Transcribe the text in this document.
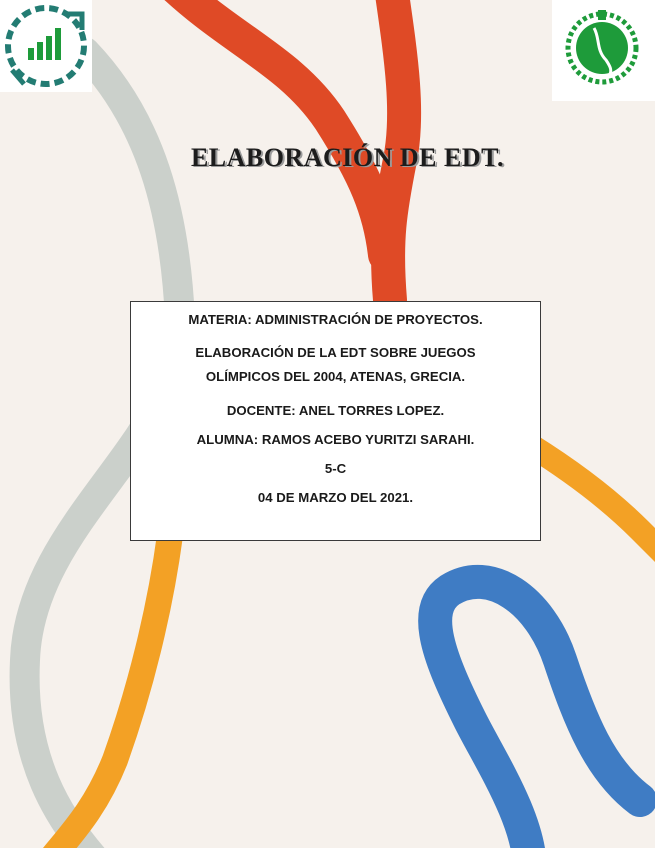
ELABORACIÓN DE EDT.

MATERIA: ADMINISTRACIÓN DE PROYECTOS.

ELABORACIÓN DE LA EDT SOBRE JUEGOS

OLÍMPICOS DEL 2004, ATENAS, GRECIA.

DOCENTE: ANEL TORRES LOPEZ.

ALUMNA: RAMOS ACEBO YURITZI SARAHI.

5-C

04 DE MARZO DEL 2021.
